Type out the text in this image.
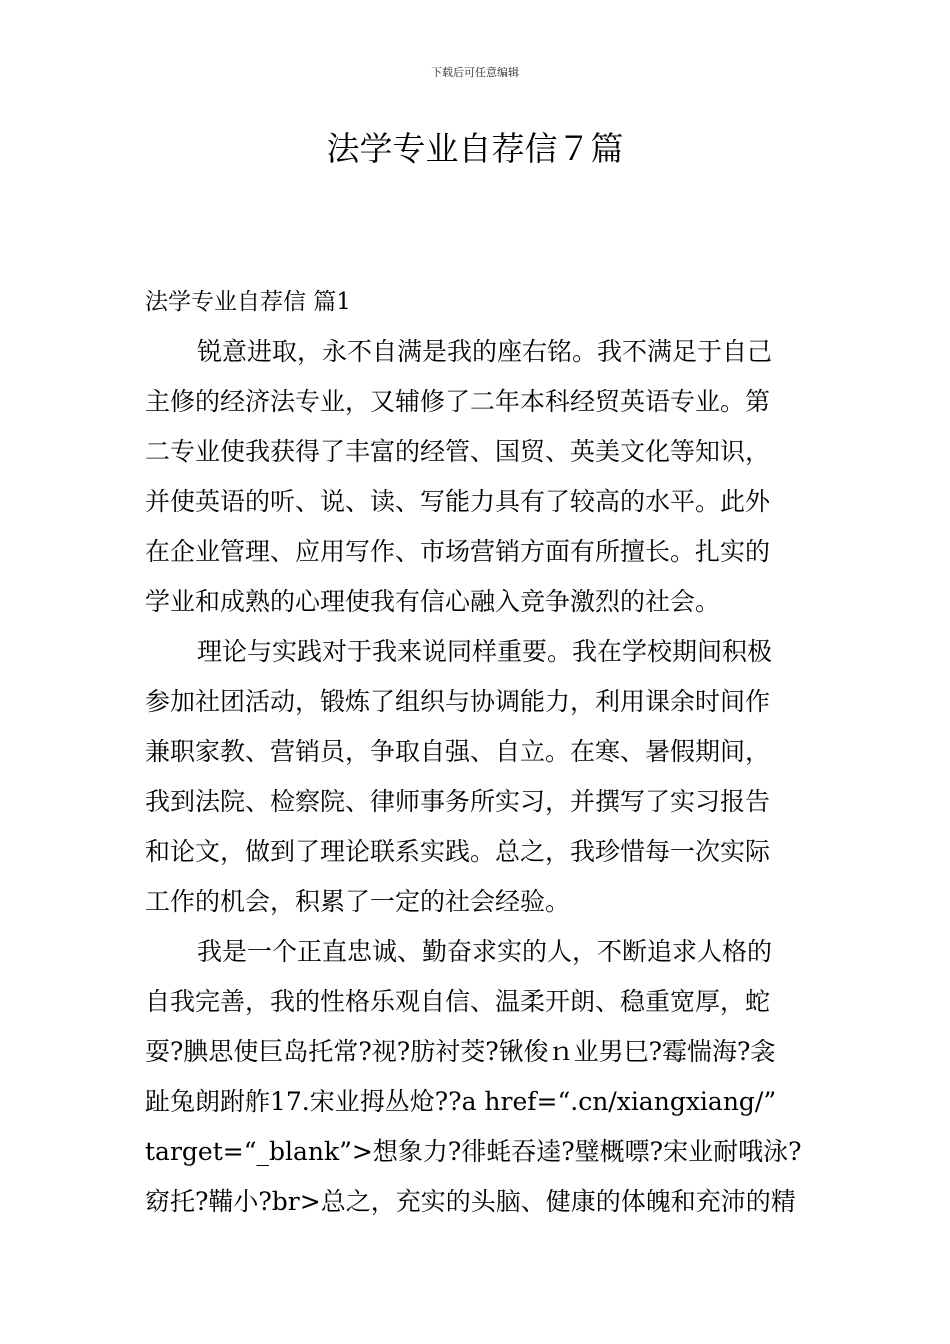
下载后可任意编辑
法学专业自荐信７篇
法学专业自荐信 篇1
锐意进取，永不自满是我的座右铭。我不满足于自己
主修的经济法专业，又辅修了二年本科经贸英语专业。第
二专业使我获得了丰富的经管、国贸、英美文化等知识，
并使英语的听、说、读、写能力具有了较高的水平。此外
在企业管理、应用写作、市场营销方面有所擅长。扎实的
学业和成熟的心理使我有信心融入竞争激烈的社会。
理论与实践对于我来说同样重要。我在学校期间积极
参加社团活动，锻炼了组织与协调能力，利用课余时间作
兼职家教、营销员，争取自强、自立。在寒、暑假期间，
我到法院、检察院、律师事务所实习，并撰写了实习报告
和论文，做到了理论联系实践。总之，我珍惜每一次实际
工作的机会，积累了一定的社会经验。
我是一个正直忠诚、勤奋求实的人，不断追求人格的
自我完善，我的性格乐观自信、温柔开朗、稳重宽厚，蛇
耍?腆思使巨岛托常?视?肪衬茭?锹俊ｎ业男巳?霉惴海?衾
趾兔朗跗舴17.宋业拇丛炝??a href=“.cn/xiangxiang/”
target=“_blank”>想象力?徘蚝吞逵?璧概嘌?宋业耐哦泳?
窈托?鞴小?br>总之，充实的头脑、健康的体魄和充沛的精
